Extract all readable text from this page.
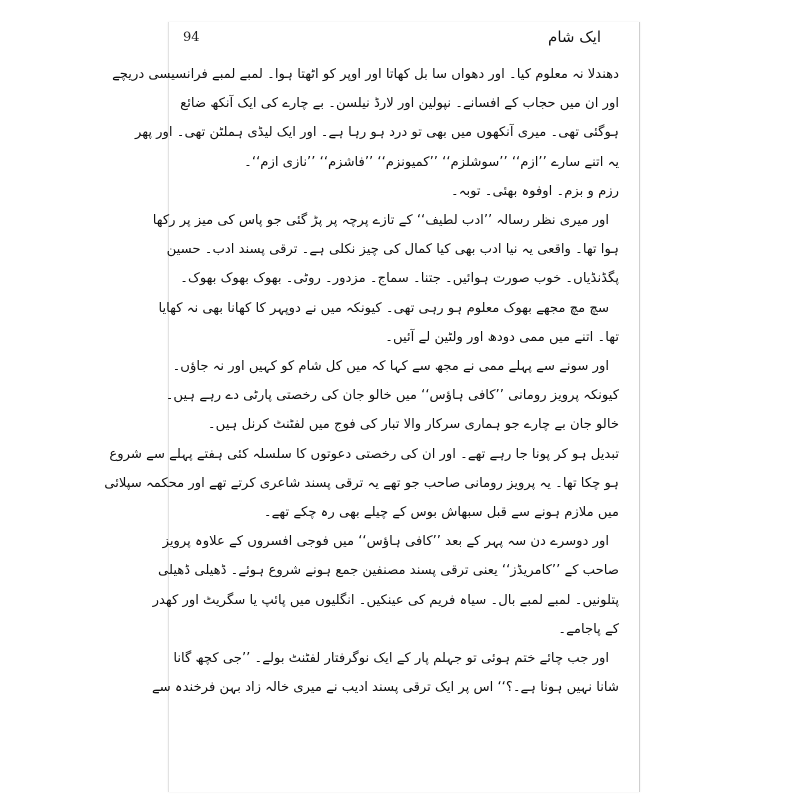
94	ایک شام
دھندلا نہ معلوم کیا۔ اور دھواں سا بل کھاتا اور اوپر کو اٹھتا ہوا۔ لمبے لمبے فرانسیسی دریچے
اور ان میں حجاب کے افسانے۔ نپولین اور لارڈ نیلسن۔ بے چارے کی ایک آنکھ ضائع
ہوگئی تھی۔ میری آنکھوں میں بھی تو درد ہو رہا ہے۔ اور ایک لیڈی ہملٹن تھی۔ اور پھر
یہ اتنے سارے ’’ازم‘‘ ’’سوشلزم‘‘ ’’کمیونزم‘‘ ’’فاشزم‘‘ ’’نازی ازم‘‘۔
رزم و بزم۔ اوفوہ بھئی۔ توبہ۔
اور میری نظر رسالہ ’’ادب لطیف‘‘ کے تازے پرچہ پر پڑ گئی جو پاس کی میز پر رکھا
ہوا تھا۔ واقعی یہ نیا ادب بھی کیا کمال کی چیز نکلی ہے۔ ترقی پسند ادب۔ حسین
پگڈنڈیاں۔ خوب صورت ہوائیں۔ جتنا۔ سماج۔ مزدور۔ روٹی۔ بھوک بھوک بھوک۔
سچ مچ مجھے بھوک معلوم ہو رہی تھی۔ کیونکہ میں نے دوپہر کا کھانا بھی نہ کھایا
تھا۔ اتنے میں ممی دودھ اور ولٹین لے آئیں۔
اور سونے سے پہلے ممی نے مجھ سے کہا کہ میں کل شام کو کہیں اور نہ جاؤں۔
کیونکہ پرویز رومانی ’’کافی ہاؤس‘‘ میں خالو جان کی رخصتی پارٹی دے رہے ہیں۔
خالو جان بے چارے جو ہماری سرکار والا تبار کی فوج میں لفٹنٹ کرنل ہیں۔
تبدیل ہو کر پونا جا رہے تھے۔ اور ان کی رخصتی دعوتوں کا سلسلہ کئی ہفتے پہلے سے شروع
ہو چکا تھا۔ یہ پرویز رومانی صاحب جو تھے یہ ترقی پسند شاعری کرتے تھے اور محکمہ سپلائی
میں ملازم ہونے سے قبل سبھاش بوس کے چیلے بھی رہ چکے تھے۔
اور دوسرے دن سہ پہر کے بعد ’’کافی ہاؤس‘‘ میں فوجی افسروں کے علاوہ پرویز
صاحب کے ’’کامریڈز‘‘ یعنی ترقی پسند مصنفین جمع ہونے شروع ہوئے۔ ڈھیلی ڈھیلی
پتلونیں۔ لمبے لمبے بال۔ سیاہ فریم کی عینکیں۔ انگلیوں میں پائپ یا سگریٹ اور کھدر
کے پاجامے۔
اور جب چائے ختم ہوئی تو جہلم پار کے ایک نوگرفتار لفٹنٹ بولے۔ ’’جی کچھ گانا
شانا نہیں ہونا ہے۔؟‘‘ اس پر ایک ترقی پسند ادیب نے میری خالہ زاد بہن فرخندہ سے
